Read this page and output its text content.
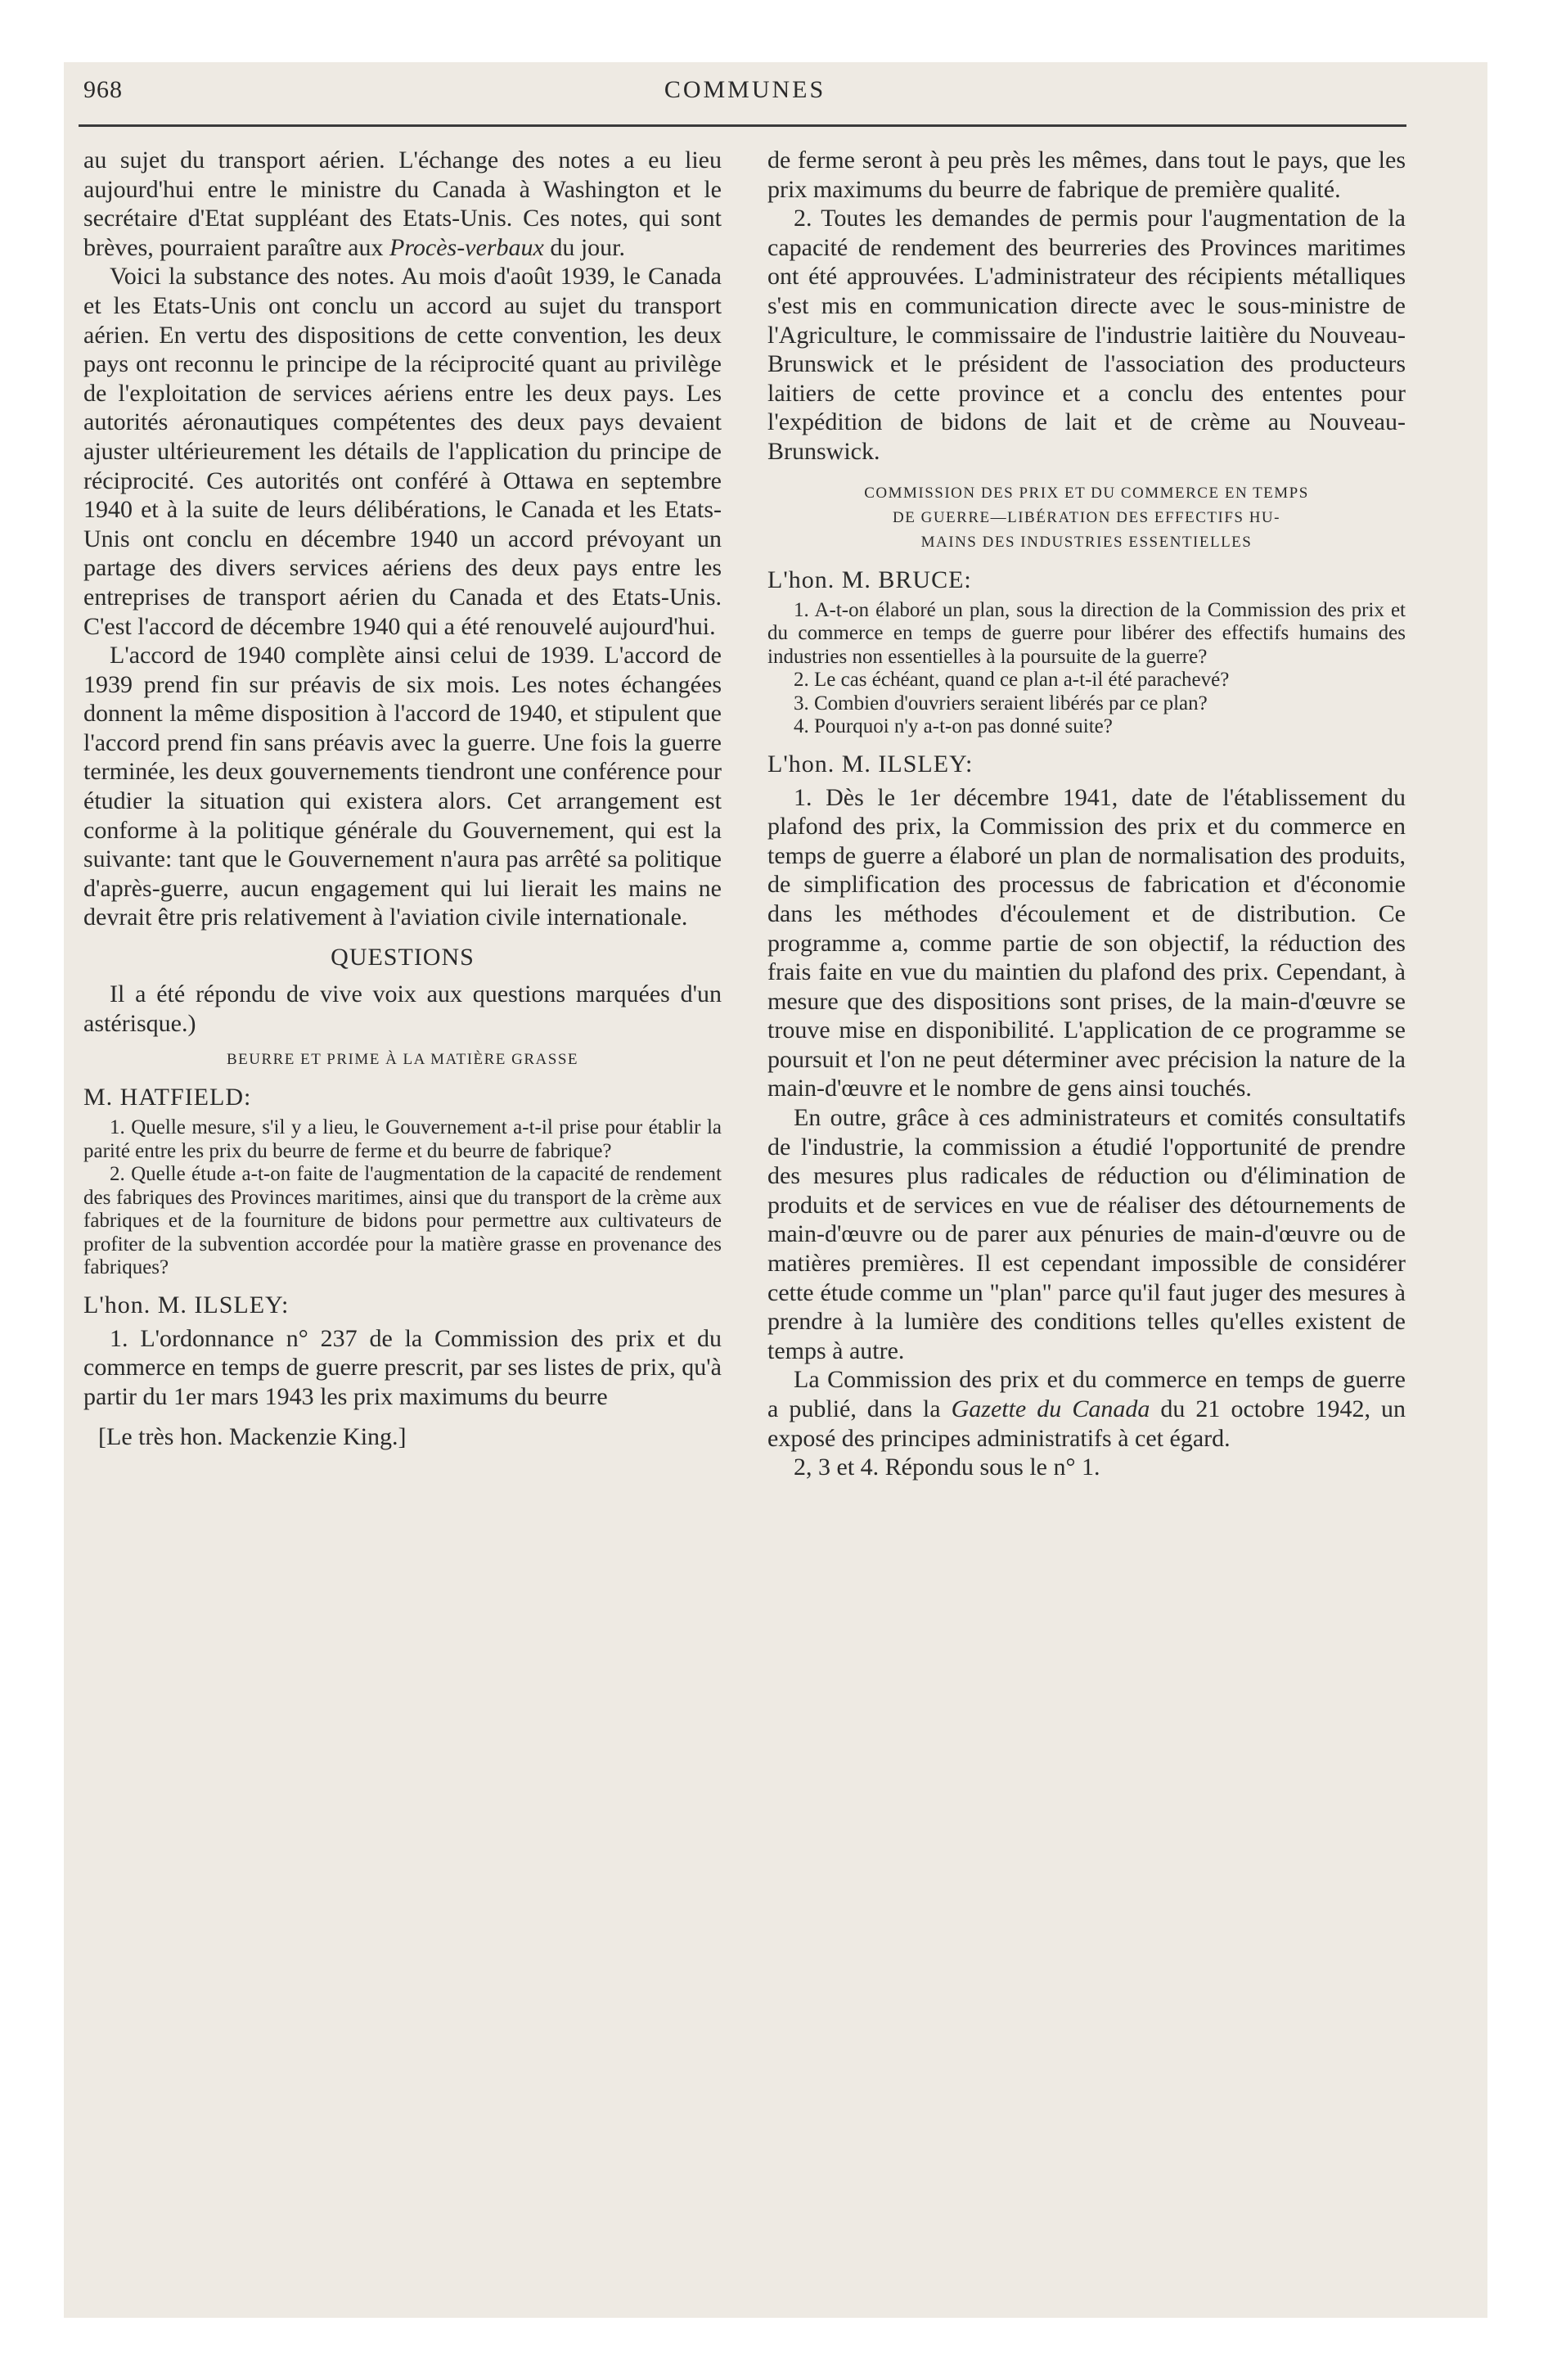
968	COMMUNES

au sujet du transport aérien. L'échange des notes a eu lieu aujourd'hui entre le ministre du Canada à Washington et le secrétaire d'Etat suppléant des Etats-Unis. Ces notes, qui sont brèves, pourraient paraître aux Procès-verbaux du jour.

Voici la substance des notes. Au mois d'août 1939, le Canada et les Etats-Unis ont conclu un accord au sujet du transport aérien. En vertu des dispositions de cette convention, les deux pays ont reconnu le principe de la réciprocité quant au privilège de l'exploitation de services aériens entre les deux pays. Les autorités aéronautiques compétentes des deux pays devaient ajuster ultérieurement les détails de l'application du principe de réciprocité. Ces autorités ont conféré à Ottawa en septembre 1940 et à la suite de leurs délibérations, le Canada et les Etats-Unis ont conclu en décembre 1940 un accord prévoyant un partage des divers services aériens des deux pays entre les entreprises de transport aérien du Canada et des Etats-Unis. C'est l'accord de décembre 1940 qui a été renouvelé aujourd'hui.

L'accord de 1940 complète ainsi celui de 1939. L'accord de 1939 prend fin sur préavis de six mois. Les notes échangées donnent la même disposition à l'accord de 1940, et stipulent que l'accord prend fin sans préavis avec la guerre. Une fois la guerre terminée, les deux gouvernements tiendront une conférence pour étudier la situation qui existera alors. Cet arrangement est conforme à la politique générale du Gouvernement, qui est la suivante: tant que le Gouvernement n'aura pas arrêté sa politique d'après-guerre, aucun engagement qui lui lierait les mains ne devrait être pris relativement à l'aviation civile internationale.

QUESTIONS

Il a été répondu de vive voix aux questions marquées d'un astérisque.)

BEURRE ET PRIME À LA MATIÈRE GRASSE
M. HATFIELD:

1. Quelle mesure, s'il y a lieu, le Gouvernement a-t-il prise pour établir la parité entre les prix du beurre de ferme et du beurre de fabrique?

2. Quelle étude a-t-on faite de l'augmentation de la capacité de rendement des fabriques des Provinces maritimes, ainsi que du transport de la crème aux fabriques et de la fourniture de bidons pour permettre aux cultivateurs de profiter de la subvention accordée pour la matière grasse en provenance des fabriques?

L'hon. M. ILSLEY:

1. L'ordonnance n° 237 de la Commission des prix et du commerce en temps de guerre prescrit, par ses listes de prix, qu'à partir du 1er mars 1943 les prix maximums du beurre

[Le très hon. Mackenzie King.]

de ferme seront à peu près les mêmes, dans tout le pays, que les prix maximums du beurre de fabrique de première qualité.

2. Toutes les demandes de permis pour l'augmentation de la capacité de rendement des beurreries des Provinces maritimes ont été approuvées. L'administrateur des récipients métalliques s'est mis en communication directe avec le sous-ministre de l'Agriculture, le commissaire de l'industrie laitière du Nouveau-Brunswick et le président de l'association des producteurs laitiers de cette province et a conclu des ententes pour l'expédition de bidons de lait et de crème au Nouveau-Brunswick.

COMMISSION DES PRIX ET DU COMMERCE EN TEMPS
DE GUERRE—LIBÉRATION DES EFFECTIFS HU-
MAINS DES INDUSTRIES ESSENTIELLES
L'hon. M. BRUCE:

1. A-t-on élaboré un plan, sous la direction de la Commission des prix et du commerce en temps de guerre pour libérer des effectifs humains des industries non essentielles à la poursuite de la guerre?

2. Le cas échéant, quand ce plan a-t-il été parachevé?

3. Combien d'ouvriers seraient libérés par ce plan?

4. Pourquoi n'y a-t-on pas donné suite?

L'hon. M. ILSLEY:

1. Dès le 1er décembre 1941, date de l'établissement du plafond des prix, la Commission des prix et du commerce en temps de guerre a élaboré un plan de normalisation des produits, de simplification des processus de fabrication et d'économie dans les méthodes d'écoulement et de distribution. Ce programme a, comme partie de son objectif, la réduction des frais faite en vue du maintien du plafond des prix. Cependant, à mesure que des dispositions sont prises, de la main-d'œuvre se trouve mise en disponibilité. L'application de ce programme se poursuit et l'on ne peut déterminer avec précision la nature de la main-d'œuvre et le nombre de gens ainsi touchés.

En outre, grâce à ces administrateurs et comités consultatifs de l'industrie, la commission a étudié l'opportunité de prendre des mesures plus radicales de réduction ou d'élimination de produits et de services en vue de réaliser des détournements de main-d'œuvre ou de parer aux pénuries de main-d'œuvre ou de matières premières. Il est cependant impossible de considérer cette étude comme un "plan" parce qu'il faut juger des mesures à prendre à la lumière des conditions telles qu'elles existent de temps à autre.

La Commission des prix et du commerce en temps de guerre a publié, dans la Gazette du Canada du 21 octobre 1942, un exposé des principes administratifs à cet égard.

2, 3 et 4. Répondu sous le n° 1.
